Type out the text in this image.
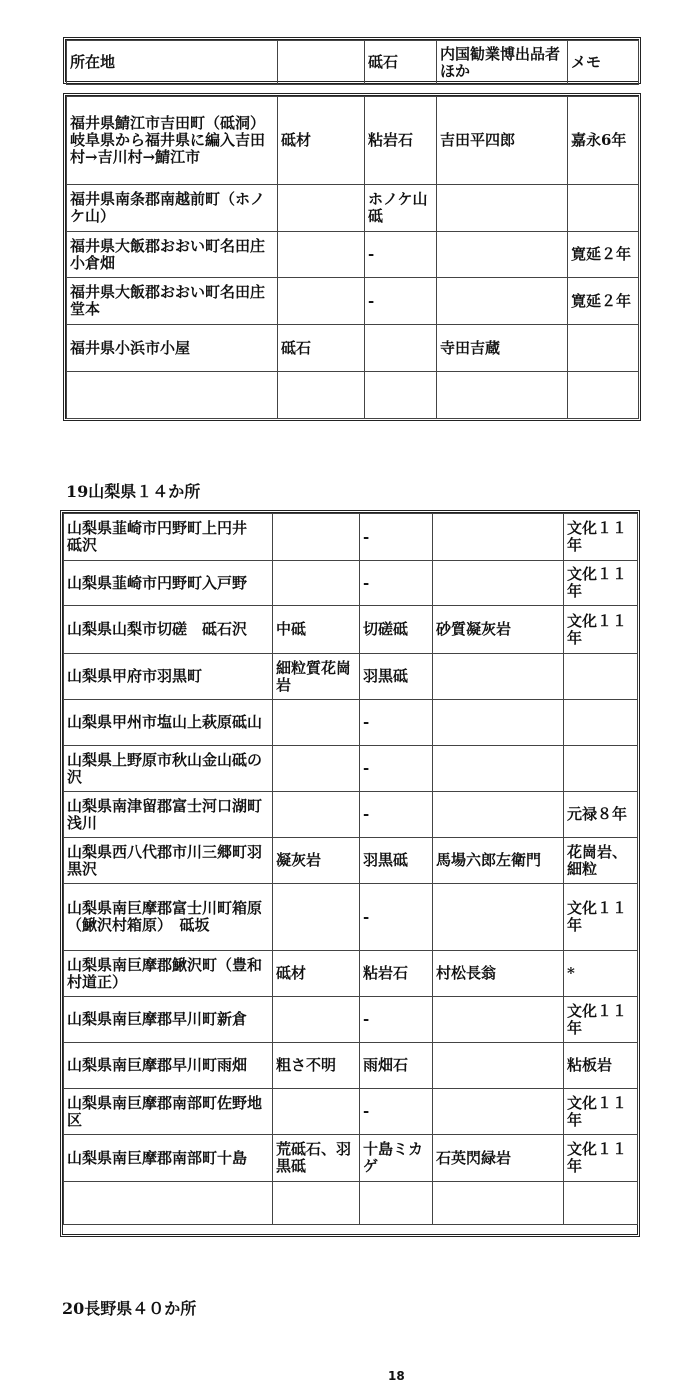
所在地		砥石	内国勧業博出品者ほか	メモ
福井県鯖江市吉田町（砥洞）岐阜県から福井県に編入吉田村→吉川村→鯖江市	砥材	粘岩石	吉田平四郎	嘉永6年
福井県南条郡南越前町（ホノケ山）		ホノケ山砥		
福井県大飯郡おおい町名田庄小倉畑		-		寛延２年
福井県大飯郡おおい町名田庄堂本		-		寛延２年
福井県小浜市小屋	砥石		寺田吉蔵	

19山梨県１４か所
山梨県韮崎市円野町上円井　砥沢		-		文化１１年
山梨県韮崎市円野町入戸野		-		文化１１年
山梨県山梨市切磋　砥石沢	中砥	切磋砥	砂質凝灰岩	文化１１年
山梨県甲府市羽黒町	細粒質花崗岩	羽黒砥		
山梨県甲州市塩山上萩原砥山		-		
山梨県上野原市秋山金山砥の沢		-		
山梨県南津留郡富士河口湖町浅川		-		元禄８年
山梨県西八代郡市川三郷町羽黒沢	凝灰岩	羽黒砥	馬場六郎左衛門	花崗岩、細粒
山梨県南巨摩郡富士川町箱原（鰍沢村箱原）　砥坂		-		文化１１年
山梨県南巨摩郡鰍沢町（豊和村道正）	砥材	粘岩石	村松長翁	*
山梨県南巨摩郡早川町新倉		-		文化１１年
山梨県南巨摩郡早川町雨畑	粗さ不明	雨畑石		粘板岩
山梨県南巨摩郡南部町佐野地区		-		文化１１年
山梨県南巨摩郡南部町十島	荒砥石、羽黒砥	十島ミカゲ	石英閃緑岩	文化１１年

20長野県４０か所
18
